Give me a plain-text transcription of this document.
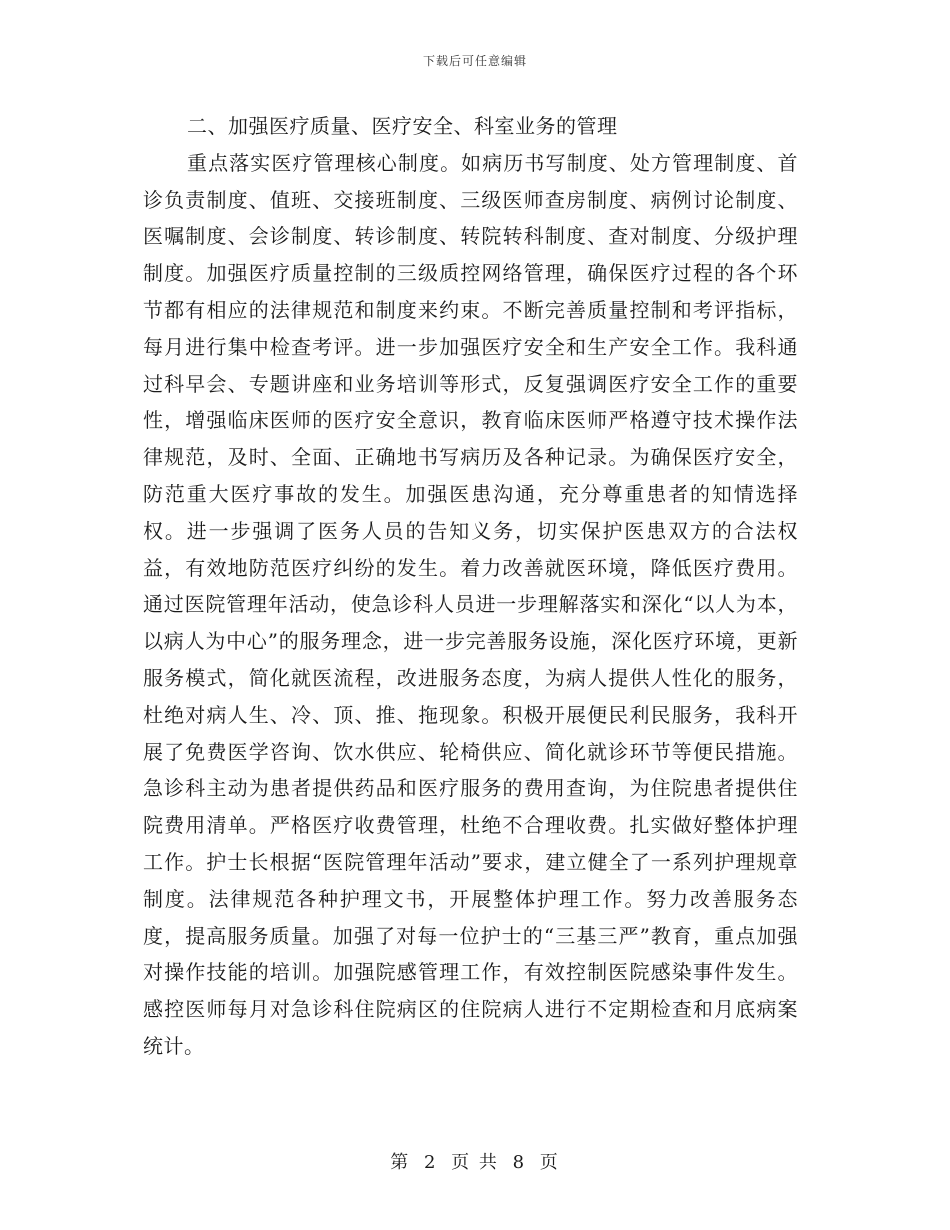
下载后可任意编辑

二、加强医疗质量、医疗安全、科室业务的管理

重点落实医疗管理核心制度。如病历书写制度、处方管理制度、首诊负责制度、值班、交接班制度、三级医师查房制度、病例讨论制度、医嘱制度、会诊制度、转诊制度、转院转科制度、查对制度、分级护理制度。加强医疗质量控制的三级质控网络管理，确保医疗过程的各个环节都有相应的法律规范和制度来约束。不断完善质量控制和考评指标，每月进行集中检查考评。进一步加强医疗安全和生产安全工作。我科通过科早会、专题讲座和业务培训等形式，反复强调医疗安全工作的重要性，增强临床医师的医疗安全意识，教育临床医师严格遵守技术操作法律规范，及时、全面、正确地书写病历及各种记录。为确保医疗安全，防范重大医疗事故的发生。加强医患沟通，充分尊重患者的知情选择权。进一步强调了医务人员的告知义务，切实保护医患双方的合法权益，有效地防范医疗纠纷的发生。着力改善就医环境，降低医疗费用。通过医院管理年活动，使急诊科人员进一步理解落实和深化“以人为本，以病人为中心”的服务理念，进一步完善服务设施，深化医疗环境，更新服务模式，简化就医流程，改进服务态度，为病人提供人性化的服务，杜绝对病人生、冷、顶、推、拖现象。积极开展便民利民服务，我科开展了免费医学咨询、饮水供应、轮椅供应、简化就诊环节等便民措施。急诊科主动为患者提供药品和医疗服务的费用查询，为住院患者提供住院费用清单。严格医疗收费管理，杜绝不合理收费。扎实做好整体护理工作。护士长根据“医院管理年活动”要求，建立健全了一系列护理规章制度。法律规范各种护理文书，开展整体护理工作。努力改善服务态度，提高服务质量。加强了对每一位护士的“三基三严”教育，重点加强对操作技能的培训。加强院感管理工作，有效控制医院感染事件发生。感控医师每月对急诊科住院病区的住院病人进行不定期检查和月底病案统计。

第 2 页 共 8 页
